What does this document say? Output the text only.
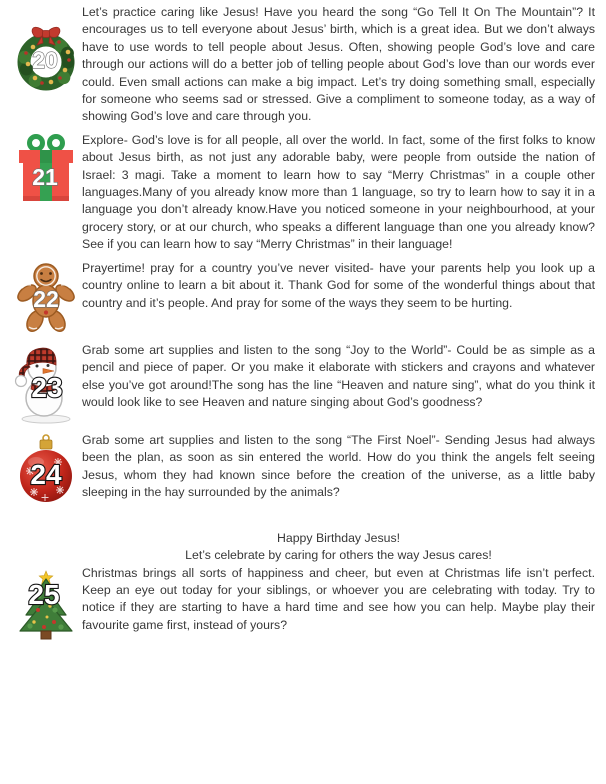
20

Let’s practice caring like Jesus! Have you heard the song “Go Tell It On The Mountain”? It encourages us to tell everyone about Jesus’ birth, which is a great idea. But we don’t always have to use words to tell people about Jesus. Often, showing people God’s love and care through our actions will do a better job of telling people about God’s love than our words ever could. Even small actions can make a big impact. Let’s try doing something small, especially for someone who seems sad or stressed. Give a compliment to someone today, as a way of showing God’s love and care through you.

21

Explore- God’s love is for all people, all over the world. In fact, some of the first folks to know about Jesus birth, as not just any adorable baby, were people from outside the nation of Israel: 3 magi. Take a moment to learn how to say “Merry Christmas” in a couple other languages.Many of you already know more than 1 language, so try to learn how to say it in a language you don’t already know.Have you noticed someone in your neighbourhood, at your grocery story, or at our church, who speaks a different language than one you already know? See if you can learn how to say “Merry Christmas” in their language!

22

Prayertime! pray for a country you’ve never visited- have your parents help you look up a country online to learn a bit about it. Thank God for some of the wonderful things about that country and it’s people. And pray for some of the ways they seem to be hurting.

23

Grab some art supplies and listen to the song “Joy to the World”- Could be as simple as a pencil and piece of paper. Or you make it elaborate with stickers and crayons and whatever else you’ve got around!The song has the line “Heaven and nature sing”, what do you think it would look like to see Heaven and nature singing about God’s goodness?

24

Grab some art supplies and listen to the song “The First Noel”- Sending Jesus had always been the plan, as soon as sin entered the world. How do you think the angels felt seeing Jesus, whom they had known since before the creation of the universe, as a little baby sleeping in the hay surrounded by the animals?

25
Happy Birthday Jesus!
Let’s celebrate by caring for others the way Jesus cares!

Christmas brings all sorts of happiness and cheer, but even at Christmas life isn’t perfect. Keep an eye out today for your siblings, or whoever you are celebrating with today. Try to notice if they are starting to have a hard time and see how you can help. Maybe play their favourite game first, instead of yours?
